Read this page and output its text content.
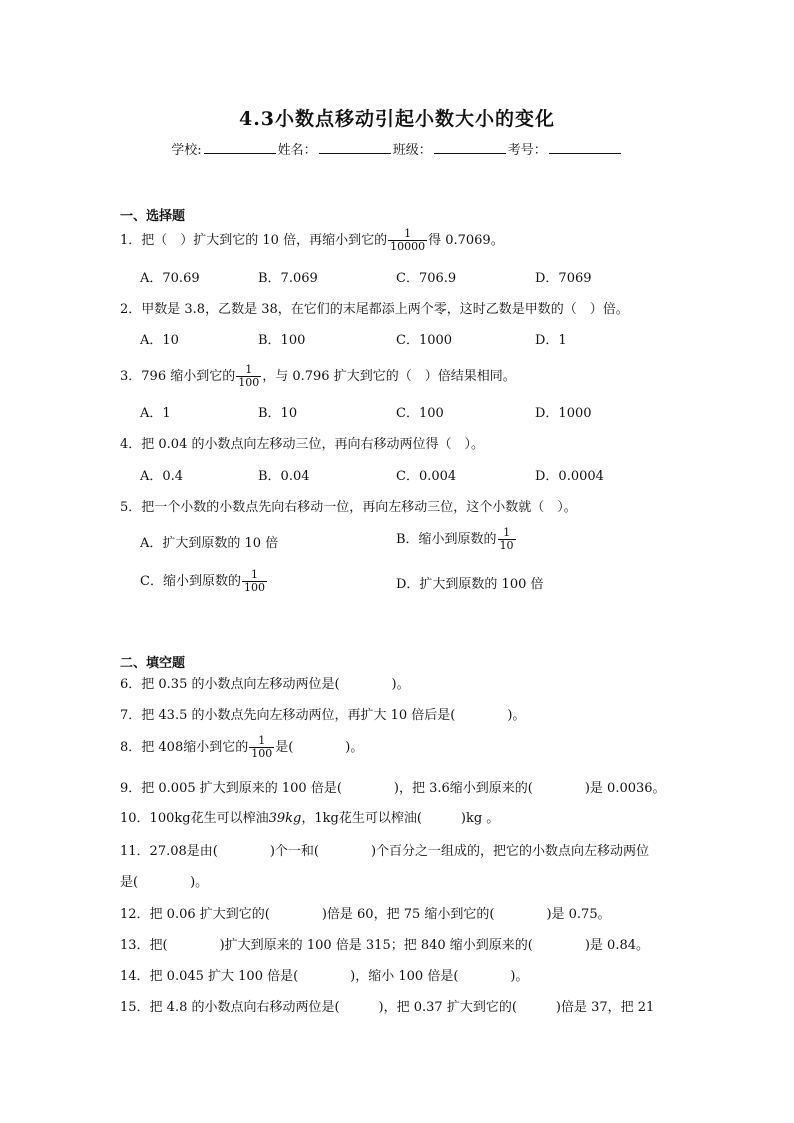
4.3小数点移动引起小数大小的变化
学校:	姓名：	班级：	考号：
一、选择题
1．把（　）扩大到它的 10 倍，再缩小到它的 $\frac{1}{10000}$ 得 0.7069。
A．70.69	B．7.069	C．706.9	D．7069
2．甲数是 3.8，乙数是 38，在它们的末尾都添上两个零，这时乙数是甲数的（　）倍。
A．10	B．100	C．1000	D．1
3．796 缩小到它的 $\frac{1}{100}$ ，与 0.796 扩大到它的（　）倍结果相同。
A．1	B．10	C．100	D．1000
4．把 0.04 的小数点向左移动三位，再向右移动两位得（　）。
A．0.4	B．0.04	C．0.004	D．0.0004
5．把一个小数的小数点先向右移动一位，再向左移动三位，这个小数就（　）。
A．扩大到原数的 10 倍	B．缩小到原数的 $\frac{1}{10}$
C．缩小到原数的 $\frac{1}{100}$	D．扩大到原数的 100 倍
二、填空题
6．把 0.35 的小数点向左移动两位是(　　　　)。
7．把 43.5 的小数点先向左移动两位，再扩大 10 倍后是(　　　　)。
8．把 408缩小到它的 $\frac{1}{100}$ 是(　　　　)。
9．把 0.005 扩大到原来的 100 倍是(　　　　)，把 3.6缩小到原来的(　　　　)是 0.0036。
10．100kg花生可以榨油39kg，1kg花生可以榨油(　　　)kg 。
11．27.08是由(　　　　)个一和(　　　　)个百分之一组成的，把它的小数点向左移动两位
是(　　　　)。
12．把 0.06 扩大到它的(　　　　)倍是 60，把 75 缩小到它的(　　　　)是 0.75。
13．把(　　　　)扩大到原来的 100 倍是 315；把 840 缩小到原来的(　　　　)是 0.84。
14．把 0.045 扩大 100 倍是(　　　　)，缩小 100 倍是(　　　　)。
15．把 4.8 的小数点向右移动两位是(　　　)，把 0.37 扩大到它的(　　　)倍是 37，把 21
